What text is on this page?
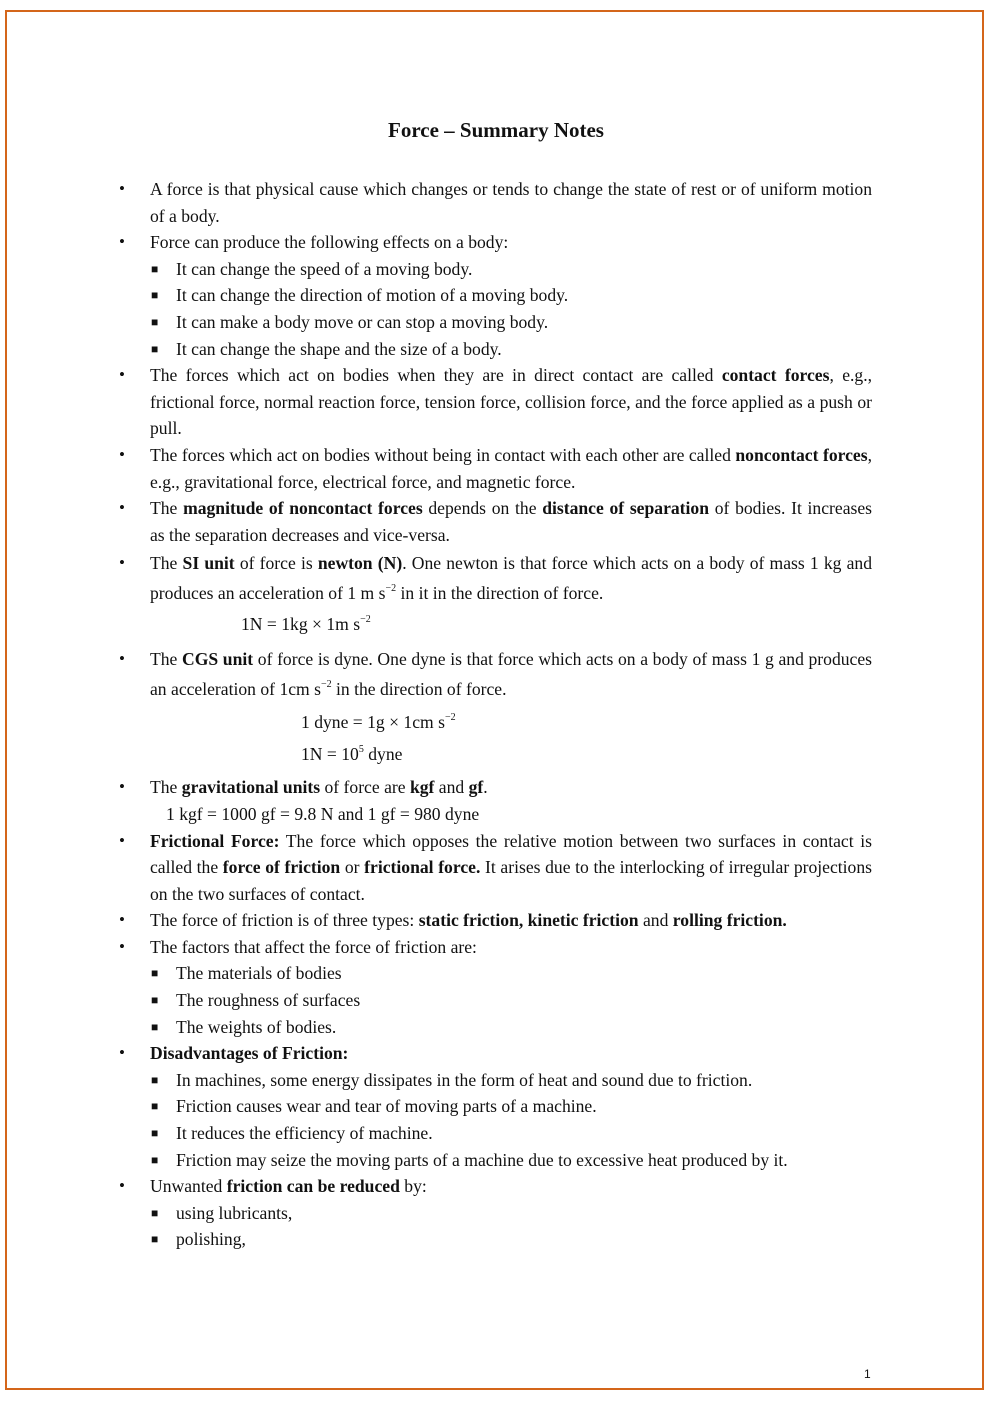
Force – Summary Notes
• A force is that physical cause which changes or tends to change the state of rest or of uniform motion of a body.
• Force can produce the following effects on a body:
■ It can change the speed of a moving body.
■ It can change the direction of motion of a moving body.
■ It can make a body move or can stop a moving body.
■ It can change the shape and the size of a body.
• The forces which act on bodies when they are in direct contact are called contact forces, e.g., frictional force, normal reaction force, tension force, collision force, and the force applied as a push or pull.
• The forces which act on bodies without being in contact with each other are called noncontact forces, e.g., gravitational force, electrical force, and magnetic force.
• The magnitude of noncontact forces depends on the distance of separation of bodies. It increases as the separation decreases and vice-versa.
• The SI unit of force is newton (N). One newton is that force which acts on a body of mass 1 kg and produces an acceleration of 1 m $s^{-2}$ in it in the direction of force.
1N = 1kg × 1m $s^{-2}$
• The CGS unit of force is dyne. One dyne is that force which acts on a body of mass 1 g and produces an acceleration of 1cm $s^{-2}$ in the direction of force.
1 dyne = 1g × 1cm $s^{-2}$
$1N = 10^5$ dyne
• The gravitational units of force are kgf and gf.
1 kgf = 1000 gf = 9.8 N and 1 gf = 980 dyne
• Frictional Force: The force which opposes the relative motion between two surfaces in contact is called the force of friction or frictional force. It arises due to the interlocking of irregular projections on the two surfaces of contact.
• The force of friction is of three types: static friction, kinetic friction and rolling friction.
• The factors that affect the force of friction are:
■ The materials of bodies
■ The roughness of surfaces
■ The weights of bodies.
• Disadvantages of Friction:
■ In machines, some energy dissipates in the form of heat and sound due to friction.
■ Friction causes wear and tear of moving parts of a machine.
■ It reduces the efficiency of machine.
■ Friction may seize the moving parts of a machine due to excessive heat produced by it.
• Unwanted friction can be reduced by:
■ using lubricants,
■ polishing,
1
